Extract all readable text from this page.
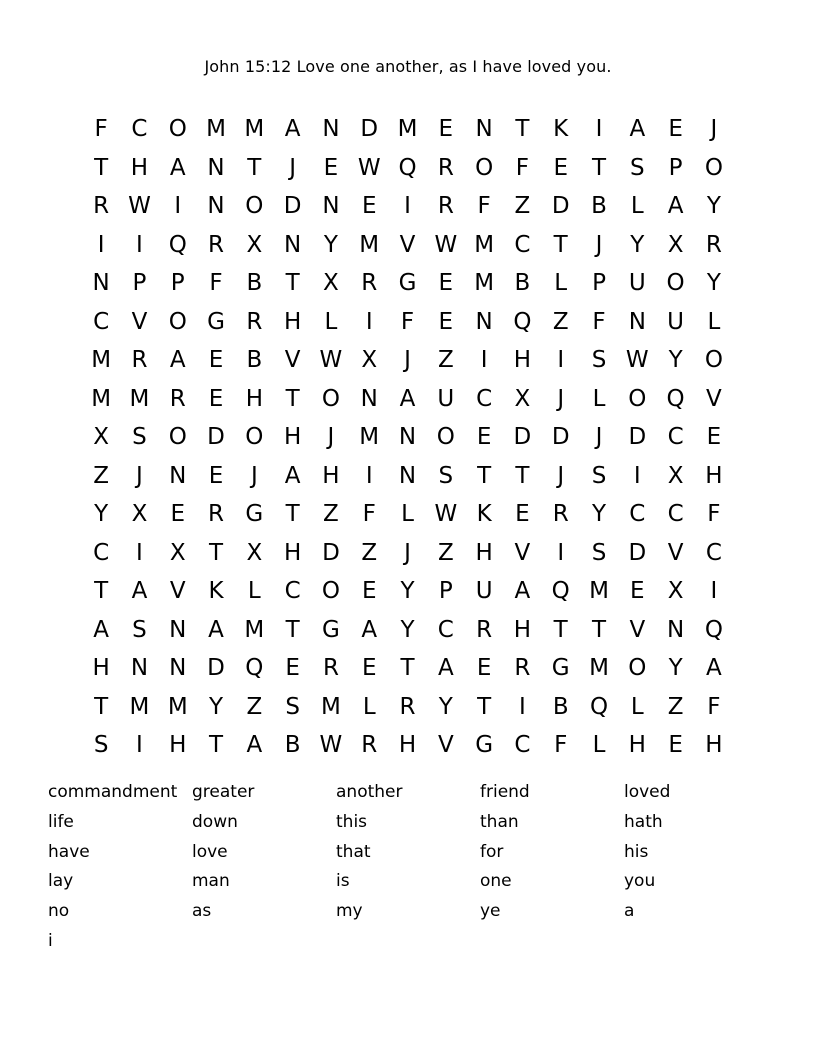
John 15:12 Love one another, as I have loved you.
F	C O M M A N D M E N T	K	I	A	E	J
T H A N T	J	E W Q R O F	E	T	S	P O
R W	I	N O D N E	I	R	F	Z D B	L	A	Y
I	I	Q R X N Y M V W M C	T	J	Y	X R
N P	P	F	B	T	X R G E M B	L	P U O Y
C V O G R H	L	I	F	E N Q Z	F	N U	L
M R A	E	B V W X	J	Z	I	H	I	S W Y O
M M R	E H T O N A U C X	J	L O Q V
X	S O D O H	J	M N O E D D	J	D C	E
Z	J	N E	J	A H	I	N S	T	T	J	S	I	X H
Y	X	E	R G T	Z	F	L W K	E	R	Y	C C	F
C	I	X	T	X H D Z	J	Z H V	I	S D V C
T	A V K	L	C O E	Y	P U A Q M E	X	I
A	S N A M T G A	Y	C R H T	T	V N Q
H N N D Q E	R	E	T	A	E	R G M O Y	A
T M M Y	Z	S M L	R	Y	T	I	B Q L	Z	F
S	I	H T	A B W R H V G C	F	L	H E H
commandment greater	another	friend	loved
life	down	this	than	hath
have	love	that	for	his
lay	man	is	one	you
no	as	my	ye	a
i
